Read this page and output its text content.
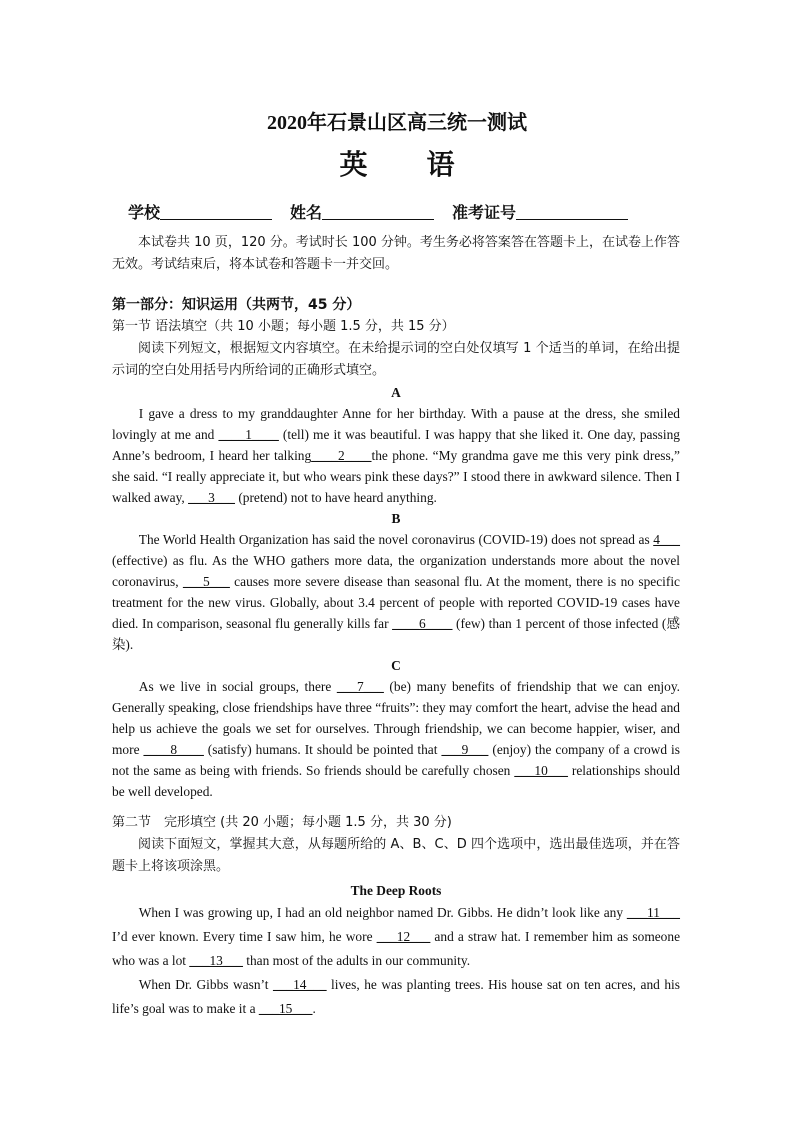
2020年石景山区高三统一测试
英 语
学校	姓名	准考证号

本试卷共 10 页，120 分。考试时长 100 分钟。考生务必将答案答在答题卡上，在试卷上作答无效。考试结束后，将本试卷和答题卡一并交回。

第一部分：知识运用（共两节，45 分）
第一节 语法填空（共 10 小题；每小题 1.5 分，共 15 分）

阅读下列短文，根据短文内容填空。在未给提示词的空白处仅填写 1 个适当的单词，在给出提示词的空白处用括号内所给词的正确形式填空。

A

I gave a dress to my granddaughter Anne for her birthday. With a pause at the dress, she smiled lovingly at me and ____1____ (tell) me it was beautiful. I was happy that she liked it. One day, passing Anne’s bedroom, I heard her talking____2____the phone. “My grandma gave me this very pink dress,” she said. “I really appreciate it, but who wears pink these days?” I stood there in awkward silence. Then I walked away, ___3___ (pretend) not to have heard anything.

B

The World Health Organization has said the novel coronavirus (COVID-19) does not spread as 4___ (effective) as flu. As the WHO gathers more data, the organization understands more about the novel coronavirus, ___5___ causes more severe disease than seasonal flu. At the moment, there is no specific treatment for the new virus. Globally, about 3.4 percent of people with reported COVID-19 cases have died. In comparison, seasonal flu generally kills far ____6____ (few) than 1 percent of those infected (感染).

C

As we live in social groups, there ___7___ (be) many benefits of friendship that we can enjoy. Generally speaking, close friendships have three “fruits”: they may comfort the heart, advise the head and help us achieve the goals we set for ourselves. Through friendship, we can become happier, wiser, and more ____8____ (satisfy) humans. It should be pointed that ___9___ (enjoy) the company of a crowd is not the same as being with friends. So friends should be carefully chosen ___10___ relationships should be well developed.

第二节　完形填空 (共 20 小题；每小题 1.5 分，共 30 分)

阅读下面短文，掌握其大意，从每题所给的 A、B、C、D 四个选项中，选出最佳选项，并在答题卡上将该项涂黑。

The Deep Roots

When I was growing up, I had an old neighbor named Dr. Gibbs. He didn’t look like any ___11___ I’d ever known. Every time I saw him, he wore ___12___ and a straw hat. I remember him as someone who was a lot ___13___ than most of the adults in our community.

When Dr. Gibbs wasn’t ___14___ lives, he was planting trees. His house sat on ten acres, and his life’s goal was to make it a ___15___.
